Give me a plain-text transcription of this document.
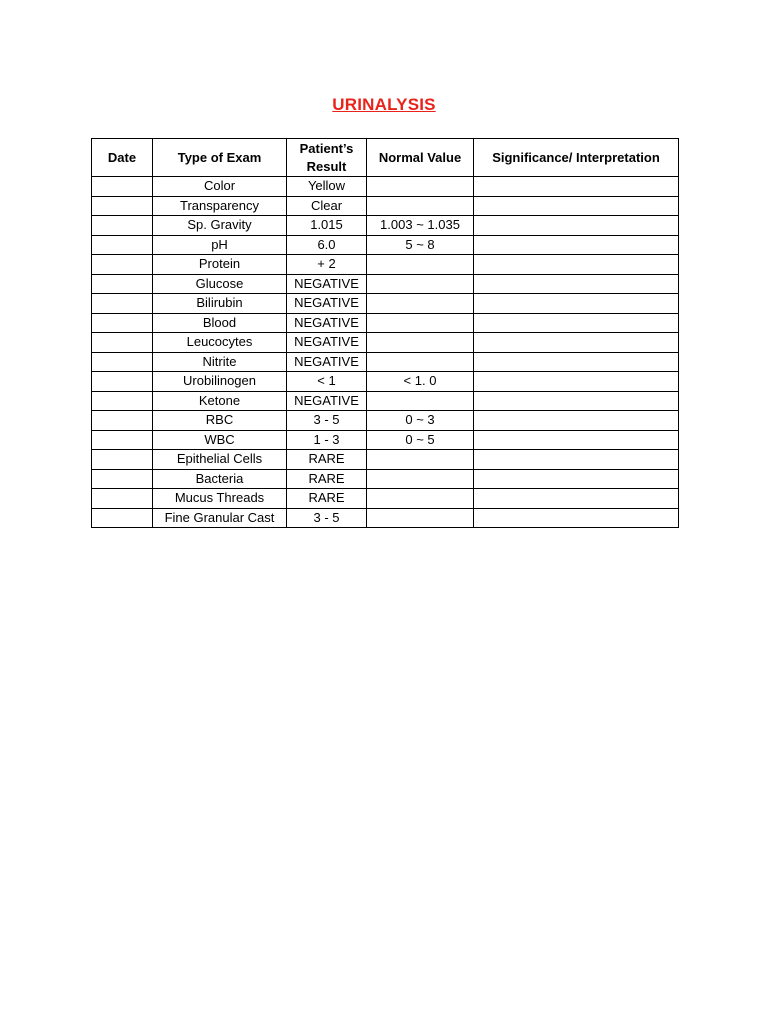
URINALYSIS
Date	Type of Exam	Patient’s Result	Normal Value	Significance/ Interpretation
	Color	Yellow		
	Transparency	Clear		
	Sp. Gravity	1.015	1.003 ~ 1.035	
	pH	6.0	5 ~ 8	
	Protein	+ 2		
	Glucose	NEGATIVE		
	Bilirubin	NEGATIVE		
	Blood	NEGATIVE		
	Leucocytes	NEGATIVE		
	Nitrite	NEGATIVE		
	Urobilinogen	< 1	< 1. 0	
	Ketone	NEGATIVE		
	RBC	3 - 5	0 ~ 3	
	WBC	1 - 3	0 ~ 5	
	Epithelial Cells	RARE		
	Bacteria	RARE		
	Mucus Threads	RARE		
	Fine Granular Cast	3 - 5		
